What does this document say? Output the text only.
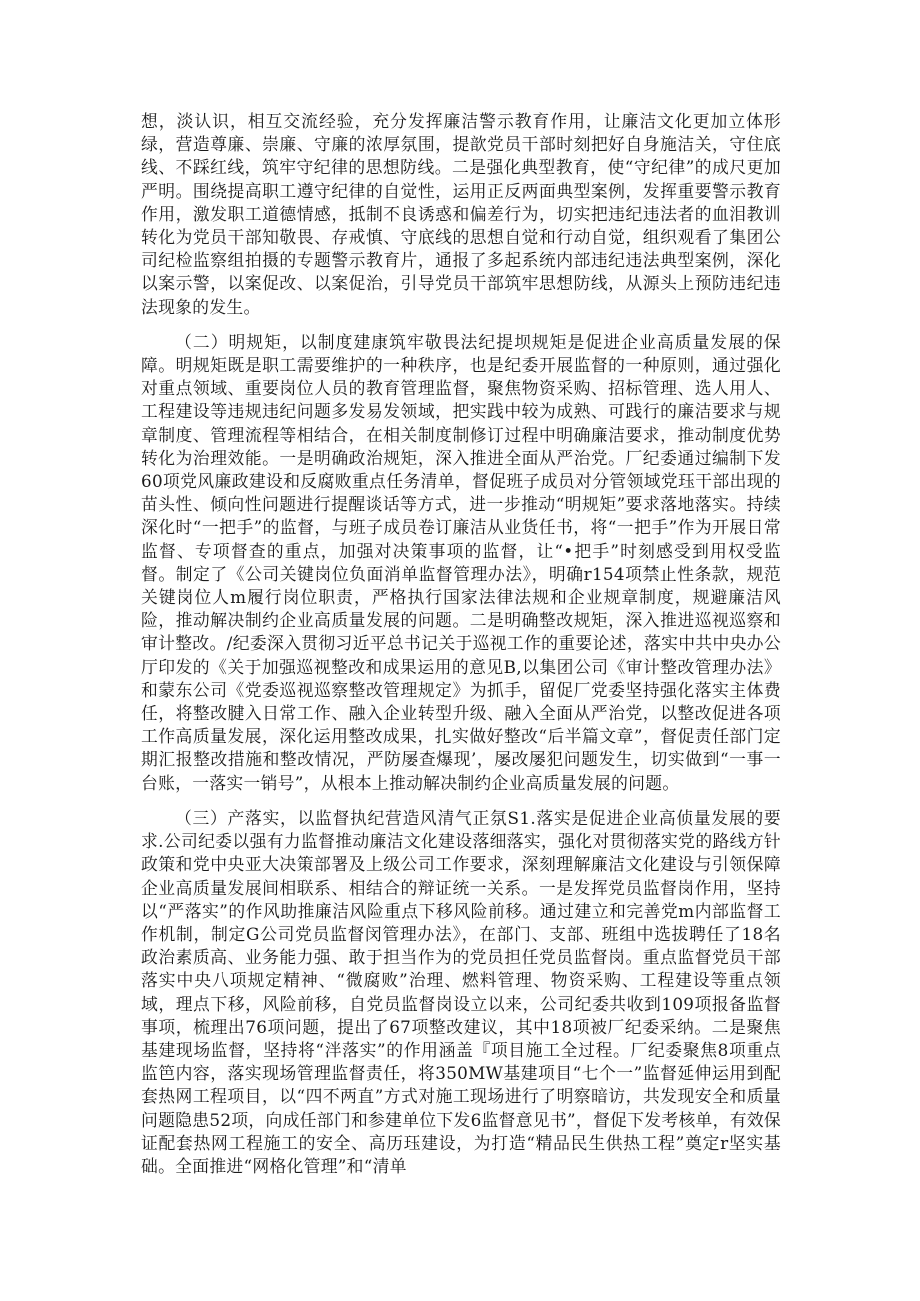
想，淡认识，相互交流经验，充分发挥廉洁警示教育作用，让廉洁文化更加立体形绿，营造尊廉、崇廉、守廉的浓厚氛围，提歆党员干部时刻把好自身施洁关，守住底线、不踩红线，筑牢守纪律的思想防线。二是强化典型教育，使“守纪律”的成尺更加严明。围绕提高职工遵守纪律的自觉性，运用正反两面典型案例，发挥重要警示教育作用，激发职工道德情感，抵制不良诱惑和偏差行为，切实把违纪违法者的血泪教训转化为党员干部知敬畏、存戒慎、守底线的思想自觉和行动自觉，组织观看了集团公司纪检监察组拍摄的专题警示教育片，通报了多起系统内部违纪违法典型案例，深化以案示警，以案促改、以案促治，引导党员干部筑牢思想防线，从源头上预防违纪违法现象的发生。

（二）明规矩，以制度建康筑牢敬畏法纪提坝规矩是促进企业高质量发展的保障。明规矩既是职工需要维护的一种秩序，也是纪委开展监督的一种原则，通过强化对重点领域、重要岗位人员的教育管理监督，聚焦物资采购、招标管理、选人用人、工程建设等违规违纪问题多发易发领域，把实践中较为成熟、可践行的廉洁要求与规章制度、管理流程等相结合，在相关制度制修订过程中明确廉洁要求，推动制度优势转化为治理效能。一是明确政治规矩，深入推进全面从严治党。厂纪委通过编制下发60项党风廉政建设和反腐败重点任务清单，督促班子成员对分管领域党珏干部出现的苗头性、倾向性问题进行提醒谈话等方式，进一步推动“明规矩”要求落地落实。持续深化时“一把手”的监督，与班子成员卷订廉洁从业货任书，将“一把手”作为开展日常监督、专项督查的重点，加强对决策事项的监督，让“•把手”时刻感受到用权受监督。制定了《公司关键岗位负面消单监督管理办法》，明确r154项禁止性条款，规范关键岗位人m履行岗位职责，严格执行国家法律法规和企业规章制度，规避廉洁风险，推动解决制约企业高质量发展的问题。二是明确整改规矩，深入推进巡视巡察和审计整改。/纪委深入贯彻习近平总书记关于巡视工作的重要论述，落实中共中央办公厅印发的《关于加强巡视整改和成果运用的意见B,以集团公司《审计整改管理办法》和蒙东公司《党委巡视巡察整改管理规定》为抓手，留促厂党委坚持强化落实主体费任，将整改腱入日常工作、融入企业转型升级、融入全面从严治党，以整改促进各项工作高质量发展，深化运用整改成果，扎实做好整改“后半篇文章”，督促责任部门定期汇报整改措施和整改情况，严防屡查爆现’，屡改屡犯问题发生，切实做到“一事一台账，一落实一销号”，从根本上推动解决制约企业高质量发展的问题。

（三）产落实，以监督执纪营造风清气正氛S1.落实是促进企业高侦量发展的要求.公司纪委以强有力监督推动廉洁文化建设落细落实，强化对贯彻落实党的路线方针政策和党中央亚大决策部署及上级公司工作要求，深刻理解廉洁文化建设与引领保障企业高质量发展间相联系、相结合的辩证统一关系。一是发挥党员监督岗作用，坚持以“严落实”的作风助推廉洁风险重点下移风险前移。通过建立和完善党m内部监督工作机制，制定G公司党员监督闵管理办法》，在部门、支部、班组中选拔聘任了18名政治素质高、业务能力强、敢于担当作为的党员担任党员监督岗。重点监督党员干部落实中央八项规定精神、“微腐败”治理、燃料管理、物资采购、工程建设等重点领域，理点下移，风险前移，自党员监督岗设立以来，公司纪委共收到109项报备监督事项，梳理出76项问题，提出了67项整改建议，其中18项被厂纪委采纳。二是聚焦基建现场监督，坚持将“泮落实”的作用涵盖『项目施工全过程。厂纪委聚焦8项重点监笆内容，落实现场管理监督责任，将350MW基建项目“七个一”监督延伸运用到配套热网工程项目，以“四不两直”方式对施工现场进行了明察暗访，共发现安全和质量问题隐患52项，向成任部门和参建单位下发6监督意见书”，督促下发考核单，有效保证配套热网工程施工的安全、高历珏建设，为打造“精品民生供热工程”奠定r坚实基础。全面推进“网格化管理”和“清单
